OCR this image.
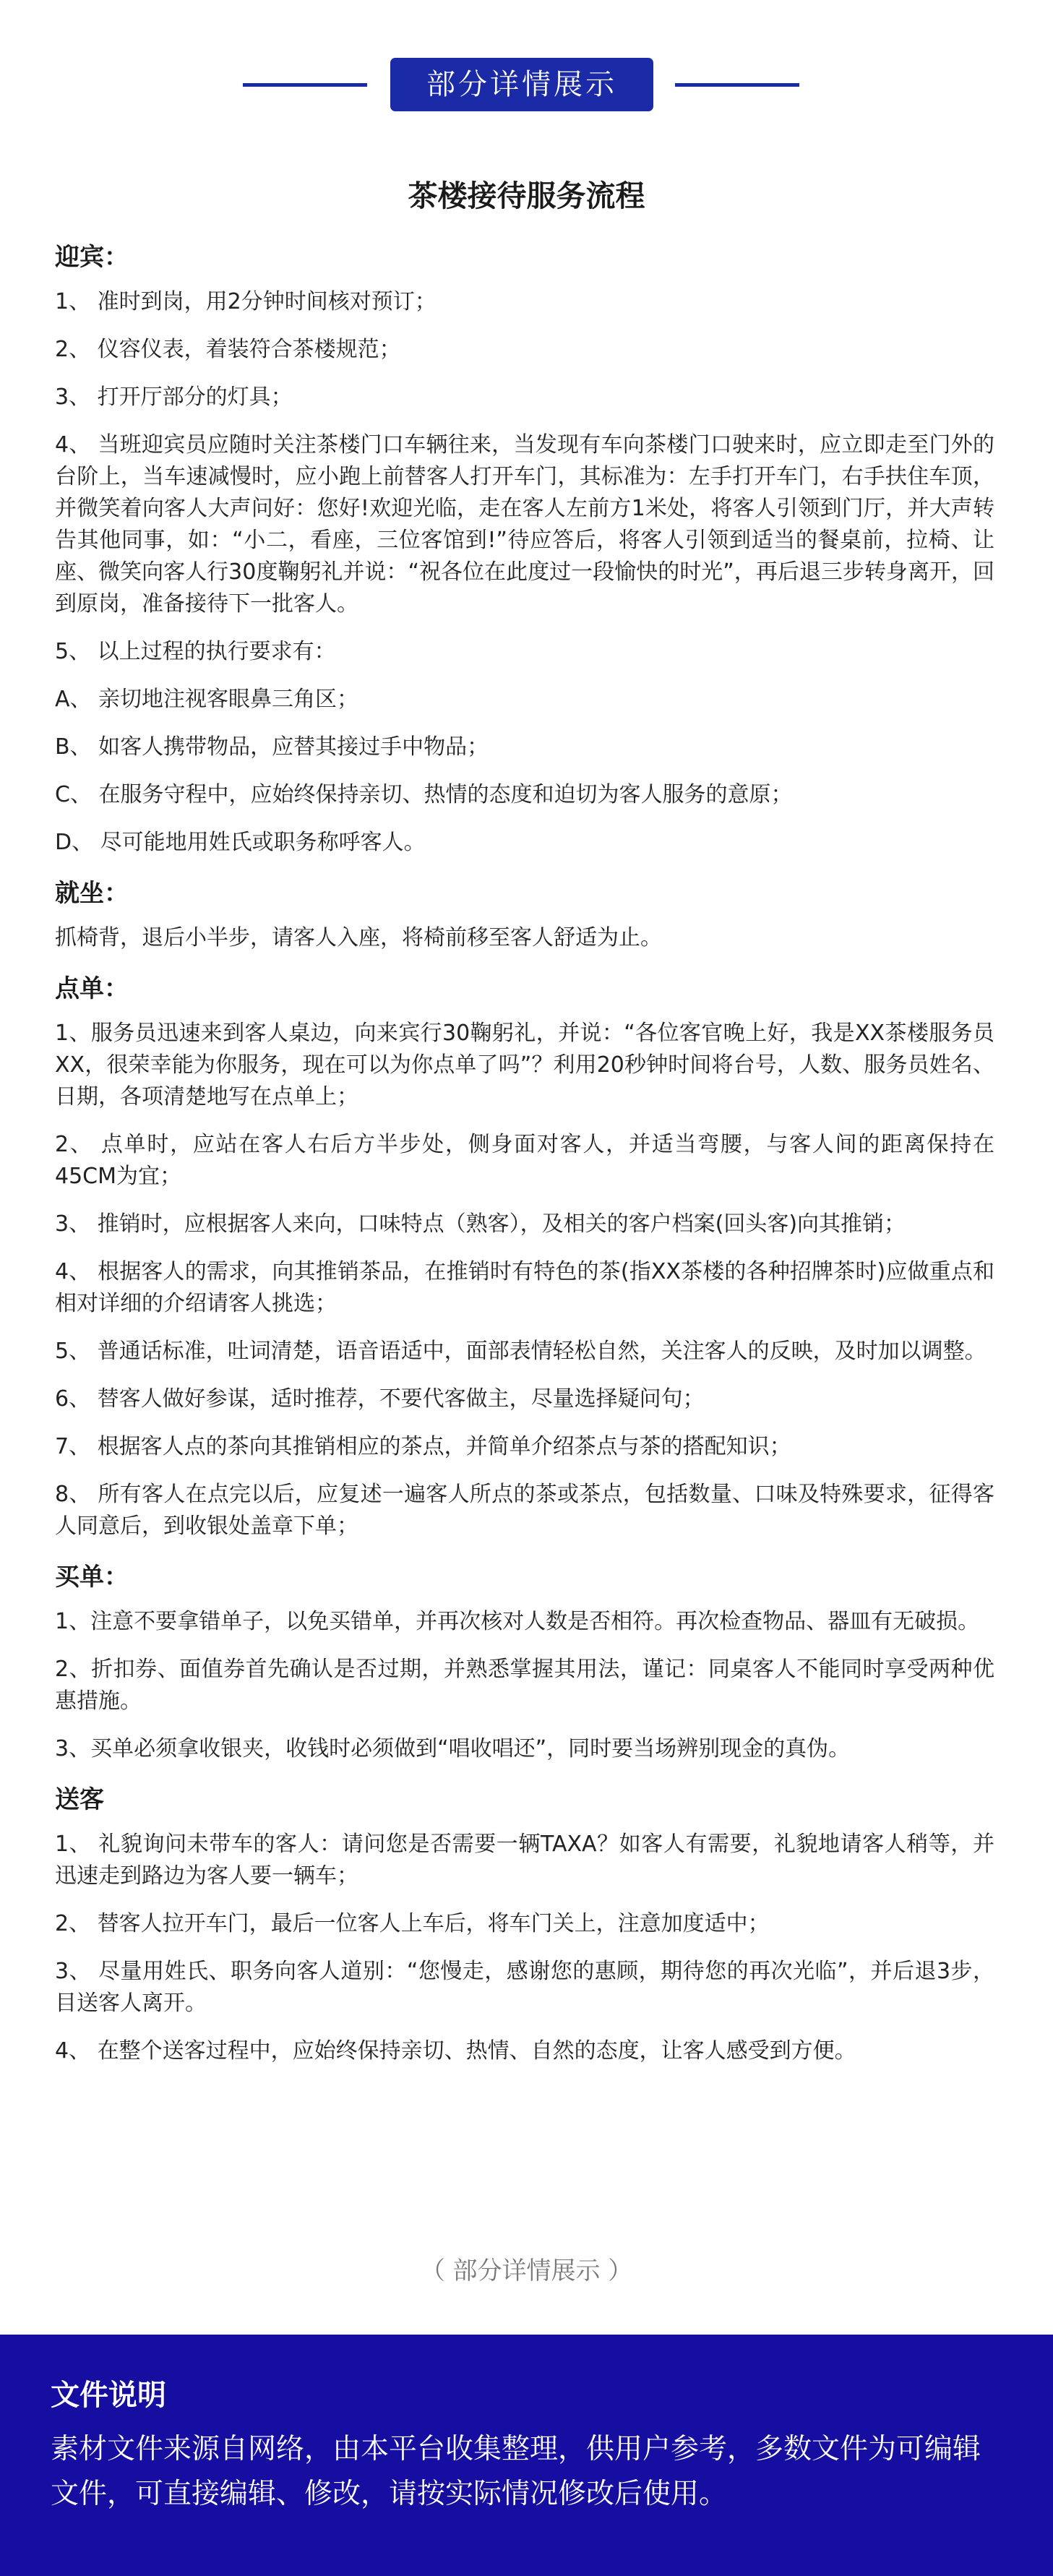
部分详情展示
茶楼接待服务流程
迎宾：

1、 准时到岗，用2分钟时间核对预订；

2、 仪容仪表，着装符合茶楼规范；

3、 打开厅部分的灯具；

4、 当班迎宾员应随时关注茶楼门口车辆往来，当发现有车向茶楼门口驶来时，应立即走至门外的台阶上，当车速减慢时，应小跑上前替客人打开车门，其标准为：左手打开车门，右手扶住车顶，并微笑着向客人大声问好：您好!欢迎光临，走在客人左前方1米处，将客人引领到门厅，并大声转告其他同事，如：“小二，看座，三位客馆到!”待应答后，将客人引领到适当的餐桌前，拉椅、让座、微笑向客人行30度鞠躬礼并说：“祝各位在此度过一段愉快的时光”，再后退三步转身离开，回到原岗，准备接待下一批客人。

5、 以上过程的执行要求有：

A、 亲切地注视客眼鼻三角区；

B、 如客人携带物品，应替其接过手中物品；

C、 在服务守程中，应始终保持亲切、热情的态度和迫切为客人服务的意原；

D、 尽可能地用姓氏或职务称呼客人。

就坐：

抓椅背，退后小半步，请客人入座，将椅前移至客人舒适为止。

点单：

1、服务员迅速来到客人桌边，向来宾行30鞠躬礼，并说：“各位客官晚上好，我是XX茶楼服务员XX，很荣幸能为你服务，现在可以为你点单了吗”？利用20秒钟时间将台号，人数、服务员姓名、日期，各项清楚地写在点单上；

2、 点单时，应站在客人右后方半步处，侧身面对客人，并适当弯腰，与客人间的距离保持在45CM为宜；

3、 推销时，应根据客人来向，口味特点（熟客），及相关的客户档案(回头客)向其推销；

4、 根据客人的需求，向其推销茶品，在推销时有特色的茶(指XX茶楼的各种招牌茶时)应做重点和相对详细的介绍请客人挑选；

5、 普通话标准，吐词清楚，语音语适中，面部表情轻松自然，关注客人的反映，及时加以调整。

6、 替客人做好参谋，适时推荐，不要代客做主，尽量选择疑问句；

7、 根据客人点的茶向其推销相应的茶点，并简单介绍茶点与茶的搭配知识；

8、 所有客人在点完以后，应复述一遍客人所点的茶或茶点，包括数量、口味及特殊要求，征得客人同意后，到收银处盖章下单；

买单：

1、注意不要拿错单子，以免买错单，并再次核对人数是否相符。再次检查物品、器皿有无破损。

2、折扣券、面值券首先确认是否过期，并熟悉掌握其用法，谨记：同桌客人不能同时享受两种优惠措施。

3、买单必须拿收银夹，收钱时必须做到“唱收唱还”，同时要当场辨别现金的真伪。

送客

1、 礼貌询问未带车的客人：请问您是否需要一辆TAXA？如客人有需要，礼貌地请客人稍等，并迅速走到路边为客人要一辆车；

2、 替客人拉开车门，最后一位客人上车后，将车门关上，注意加度适中；

3、 尽量用姓氏、职务向客人道别：“您慢走，感谢您的惠顾，期待您的再次光临”，并后退3步，目送客人离开。

4、 在整个送客过程中，应始终保持亲切、热情、自然的态度，让客人感受到方便。

（ 部分详情展示 ）
文件说明
素材文件来源自网络，由本平台收集整理，供用户参考，多数文件为可编辑文件，可直接编辑、修改，请按实际情况修改后使用。
